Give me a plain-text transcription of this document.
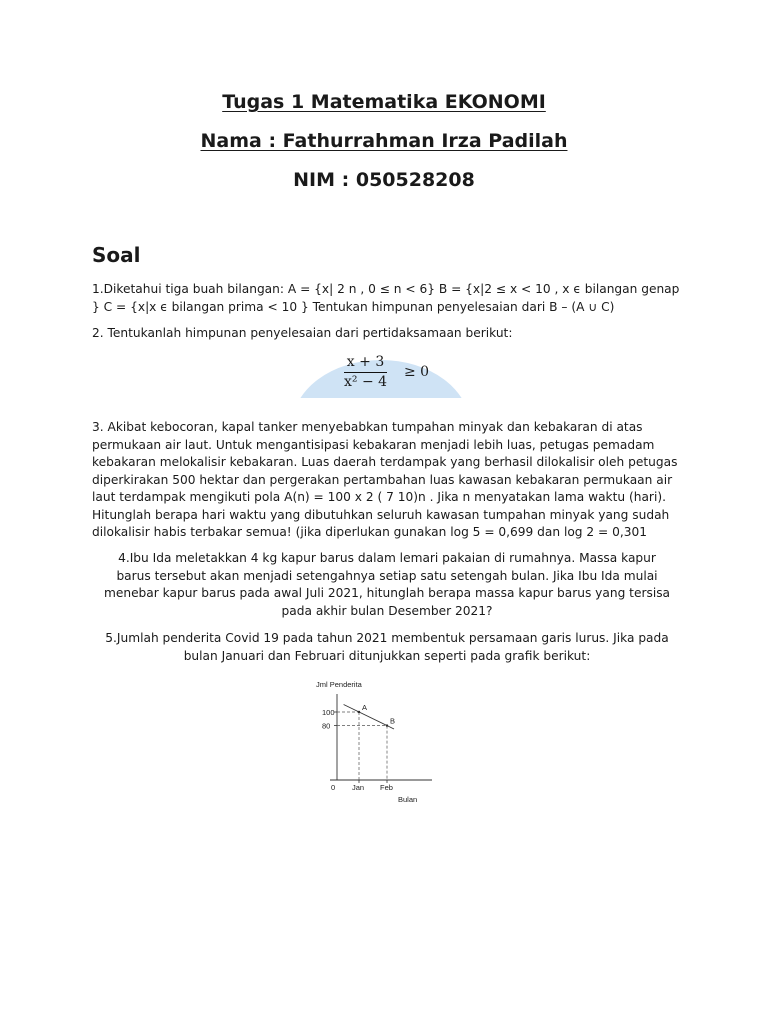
Tugas 1 Matematika EKONOMI
Nama : Fathurrahman Irza Padilah
NIM : 050528208
Soal

1.Diketahui tiga buah bilangan: A = {x| 2 n , 0 ≤ n < 6} B = {x|2 ≤ x < 10 , x ϵ bilangan genap } C = {x|x ϵ bilangan prima < 10 } Tentukan himpunan penyelesaian dari B – (A ∪ C)

2. Tentukanlah himpunan penyelesaian dari pertidaksamaan berikut:

$\frac{x + 3}{\text{x² − 4}} \ge 0$

3. Akibat kebocoran, kapal tanker menyebabkan tumpahan minyak dan kebakaran di atas permukaan air laut. Untuk mengantisipasi kebakaran menjadi lebih luas, petugas pemadam kebakaran melokalisir kebakaran. Luas daerah terdampak yang berhasil dilokalisir oleh petugas diperkirakan 500 hektar dan pergerakan pertambahan luas kawasan kebakaran permukaan air laut terdampak mengikuti pola A(n) = 100 x 2 ( 7 10)n . Jika n menyatakan lama waktu (hari). Hitunglah berapa hari waktu yang dibutuhkan seluruh kawasan tumpahan minyak yang sudah dilokalisir habis terbakar semua! (jika diperlukan gunakan log 5 = 0,699 dan log 2 = 0,301

4.Ibu Ida meletakkan 4 kg kapur barus dalam lemari pakaian di rumahnya. Massa kapur barus tersebut akan menjadi setengahnya setiap satu setengah bulan. Jika Ibu Ida mulai menebar kapur barus pada awal Juli 2021, hitunglah berapa massa kapur barus yang tersisa pada akhir bulan Desember 2021?

5.Jumlah penderita Covid 19 pada tahun 2021 membentuk persamaan garis lurus. Jika pada bulan Januari dan Februari ditunjukkan seperti pada grafik berikut:

Jml Penderita
0
Bulan
100
80
Jan Feb
A
B
